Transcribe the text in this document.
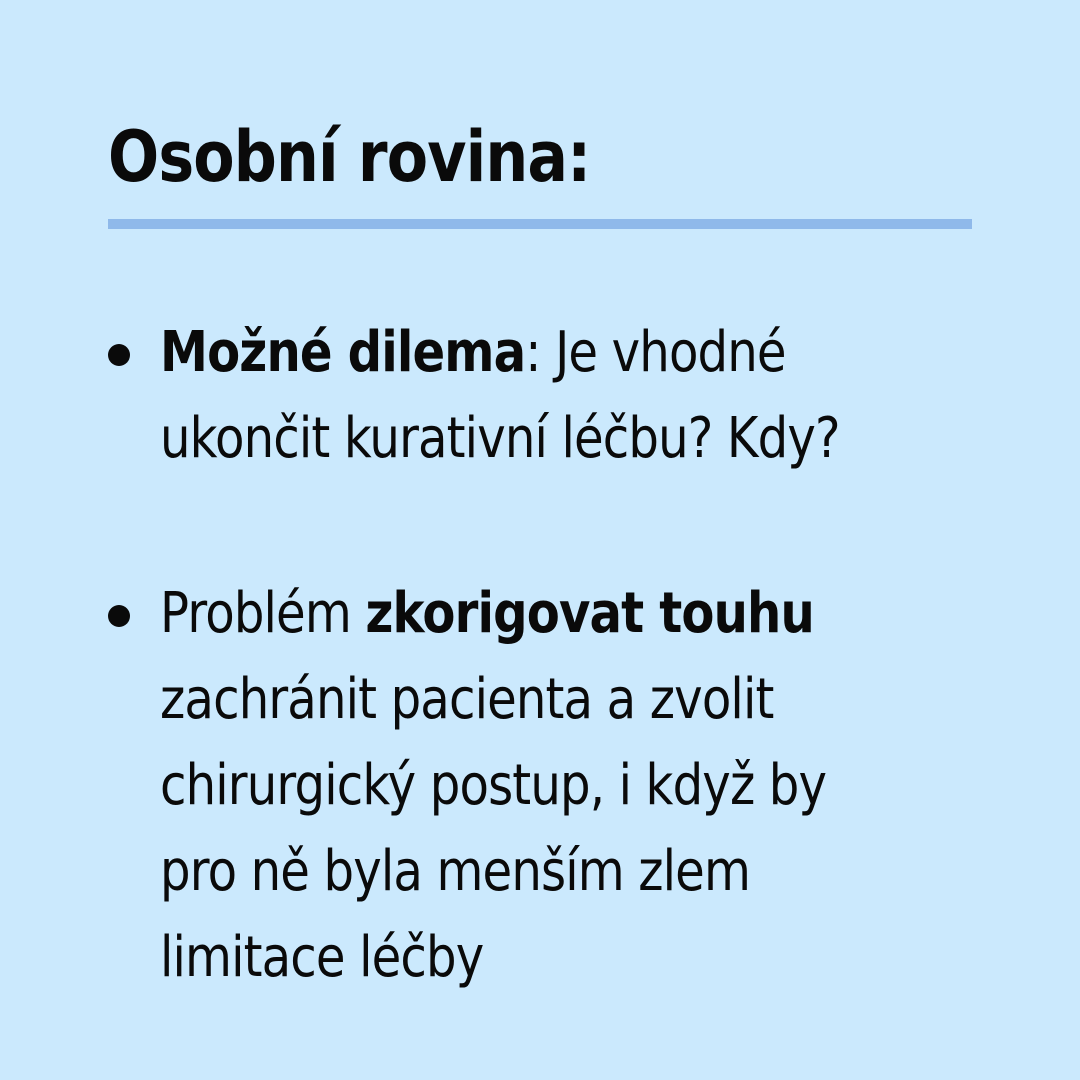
Osobní rovina:
Možné dilema: Je vhodné
ukončit kurativní léčbu? Kdy?
Problém zkorigovat touhu
zachránit pacienta a zvolit
chirurgický postup, i když by
pro ně byla menším zlem
limitace léčby
